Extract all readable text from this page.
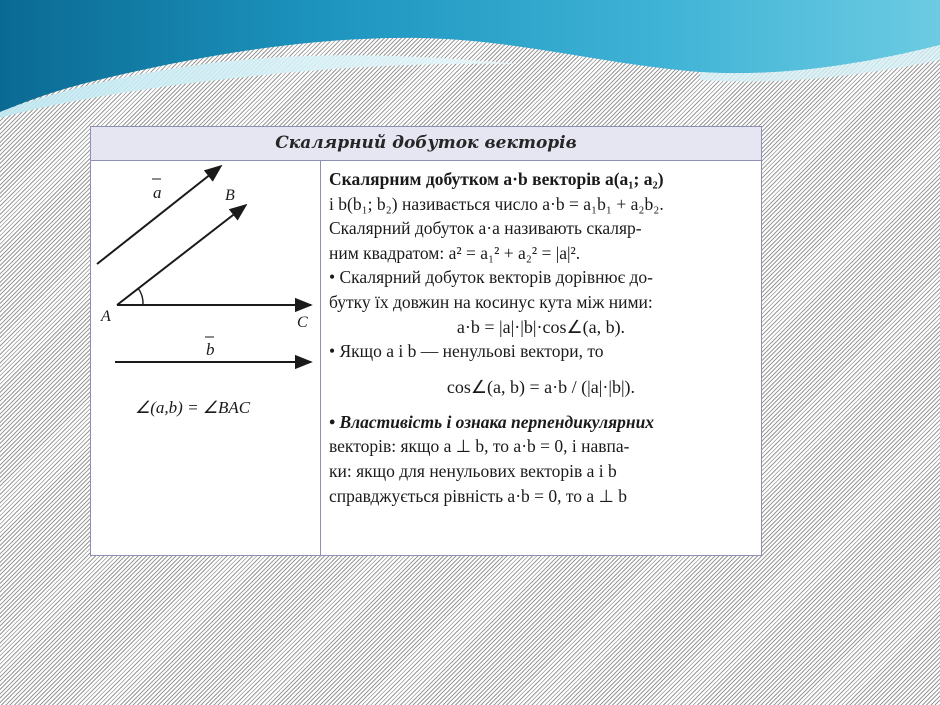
Скалярний добуток векторів
a	B
A	C
b
∠(a,b) = ∠BAC
Скалярним добутком a·b векторів a(a₁; a₂)
і b(b₁; b₂) називається число a·b = a₁b₁ + a₂b₂.
Скалярний добуток a·a називають скаляр-
ним квадратом: a² = a₁² + a₂² = |a|².
• Скалярний добуток векторів дорівнює до-
бутку їх довжин на косинус кута між ними:
a·b = |a|·|b|·cos∠(a, b).
• Якщо a і b — ненульові вектори, то
cos∠(a, b) = a·b / (|a|·|b|).
• Властивість і ознака перпендикулярних
векторів: якщо a ⊥ b, то a·b = 0, і навпа-
ки: якщо для ненульових векторів a і b
справджується рівність a·b = 0, то a ⊥ b
